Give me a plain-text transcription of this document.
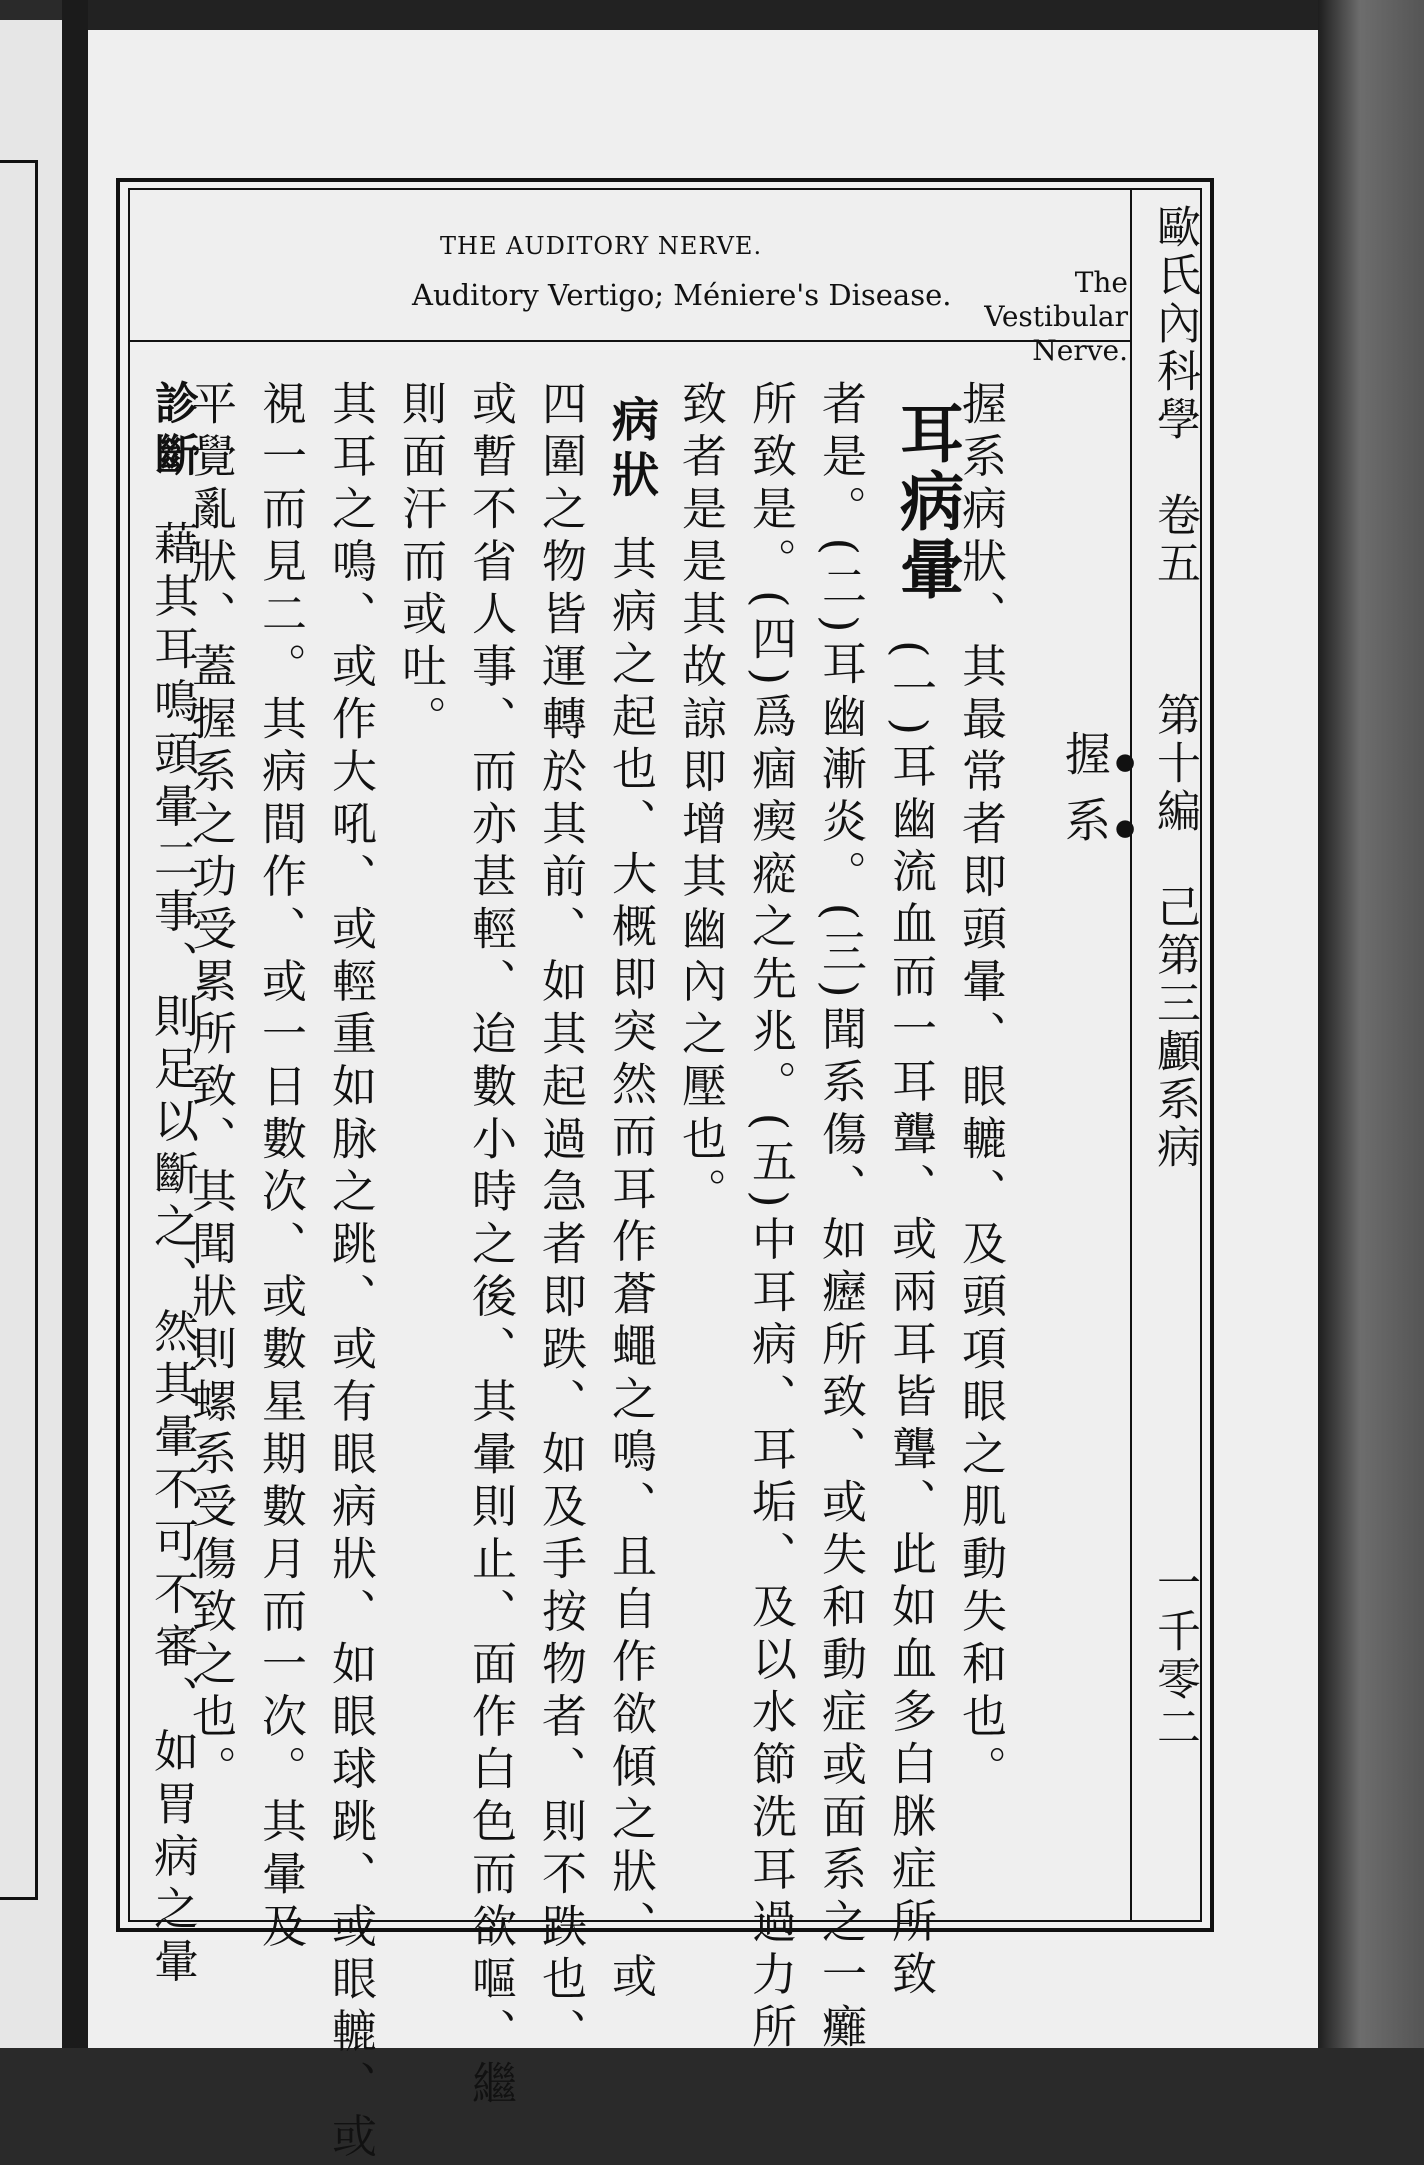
THE AUDITORY NERVE.
Auditory Vertigo; Méniere's Disease.	The Vestibular
Nerve. 歐氏內科學　卷五
第十編　己第三顱系病
一千零二
握系
握系病狀、其最常者即頭暈、眼轆、及頭項眼之肌動失和也。
耳病暈
(一)耳幽流血而一耳聾、或兩耳皆聾、此如血多白脒症所致
者是。(二)耳幽漸炎。(三)聞系傷、如癧所致、或失和動症或面系之一癱
所致是。(四)爲痼瘈瘲之先兆。(五)中耳病、耳垢、及以水節洗耳過力所
致者是是其故諒即增其幽內之壓也。
病狀
其病之起也、大概即突然而耳作蒼蠅之鳴、且自作欲傾之狀、或
四圍之物皆運轉於其前、如其起過急者即跌、如及手按物者、則不跌也、
或暫不省人事、而亦甚輕、迨數小時之後、其暈則止、面作白色而欲嘔、繼
則面汗而或吐。
其耳之鳴、或作大吼、或輕重如脉之跳、或有眼病狀、如眼球跳、或眼轆、或
視一而見二。其病間作、或一日數次、或數星期數月而一次。其暈及
平覺亂狀、蓋握系之功受累所致、其聞狀則螺系受傷致之也。
診斷
藉其耳鳴頭暈二事、則足以斷之、然其暈不可不審、如胃病之暈
